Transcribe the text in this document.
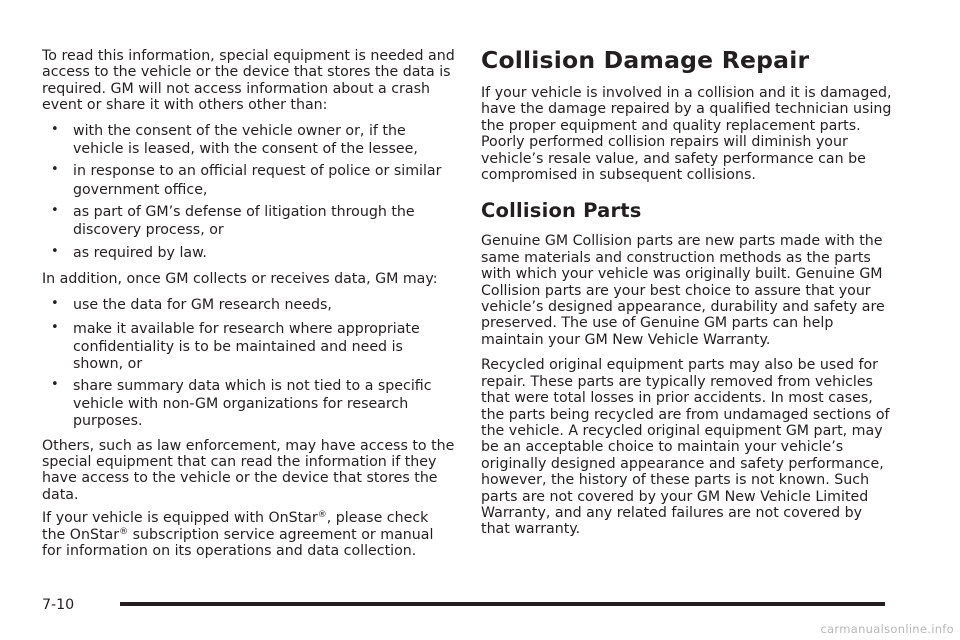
To read this information, special equipment is needed and access to the vehicle or the device that stores the data is required. GM will not access information about a crash event or share it with others other than:

• with the consent of the vehicle owner or, if the
vehicle is leased, with the consent of the lessee,
• in response to an official request of police or similar
government office,
• as part of GM’s defense of litigation through the
discovery process, or
• as required by law.

In addition, once GM collects or receives data, GM may:

• use the data for GM research needs,
• make it available for research where appropriate
confidentiality is to be maintained and need is shown, or
• share summary data which is not tied to a specific
vehicle with non-GM organizations for research purposes.

Others, such as law enforcement, may have access to the special equipment that can read the information if they have access to the vehicle or the device that stores the data.

If your vehicle is equipped with OnStar®, please check the OnStar® subscription service agreement or manual for information on its operations and data collection.

Collision Damage Repair

If your vehicle is involved in a collision and it is damaged, have the damage repaired by a qualified technician using the proper equipment and quality replacement parts. Poorly performed collision repairs will diminish your vehicle’s resale value, and safety performance can be compromised in subsequent collisions.

Collision Parts

Genuine GM Collision parts are new parts made with the same materials and construction methods as the parts with which your vehicle was originally built. Genuine GM Collision parts are your best choice to assure that your vehicle’s designed appearance, durability and safety are preserved. The use of Genuine GM parts can help maintain your GM New Vehicle Warranty.

Recycled original equipment parts may also be used for repair. These parts are typically removed from vehicles that were total losses in prior accidents. In most cases, the parts being recycled are from undamaged sections of the vehicle. A recycled original equipment GM part, may be an acceptable choice to maintain your vehicle’s originally designed appearance and safety performance, however, the history of these parts is not known. Such parts are not covered by your GM New Vehicle Limited Warranty, and any related failures are not covered by that warranty.

7-10
carmanualsonline.info
